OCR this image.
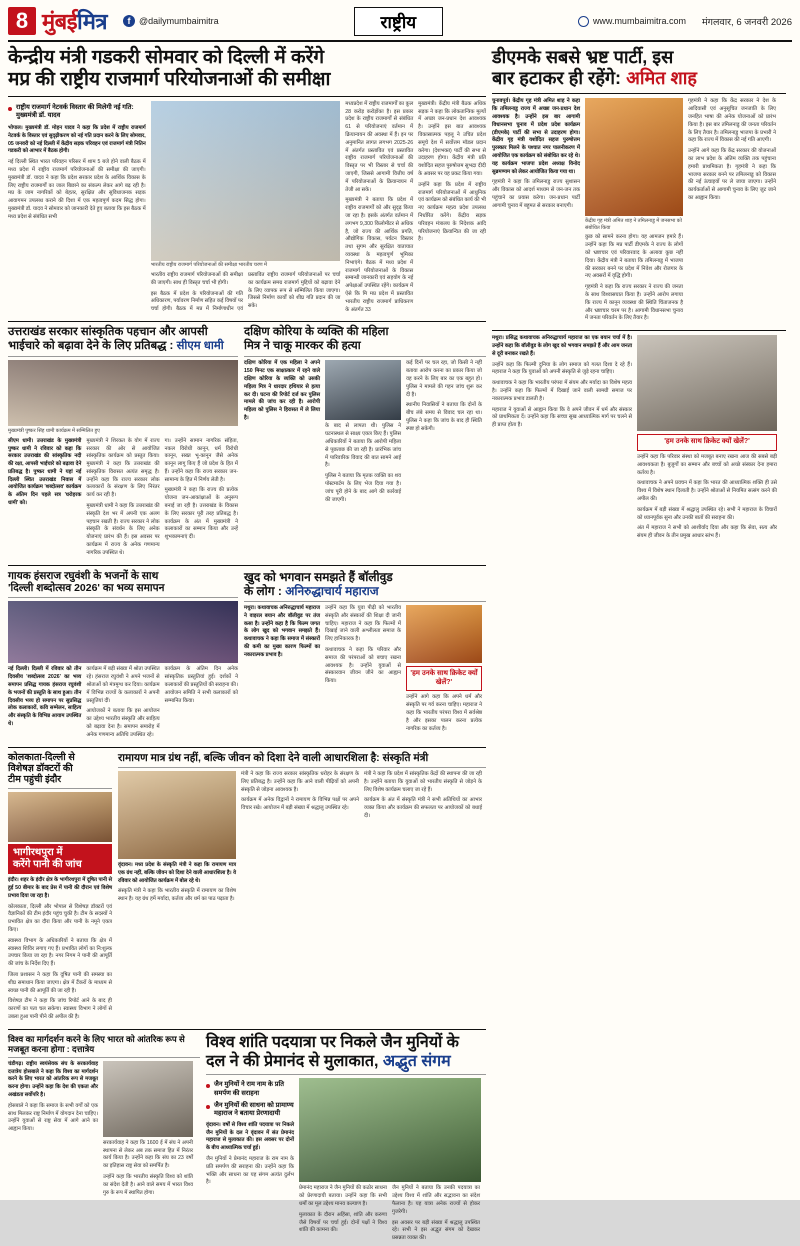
8 मुंबईमित्र	f @dailymumbaimitra	राष्ट्रीय	www.mumbaimitra.com मंगलवार, 6 जनवरी 2026
केन्द्रीय मंत्री गडकरी सोमवार को दिल्ली में करेंगे
मप्र की राष्ट्रीय राजमार्ग परियोजनाओं की समीक्षा
राष्ट्रीय राजमार्ग नेटवर्क विस्तार की मिलेगी नई गति: मुख्यमंत्री डॉ. यादव

भोपाल। मुख्यमंत्री डॉ. मोहन यादव ने कहा कि प्रदेश में राष्ट्रीय राजमार्ग नेटवर्क के विस्तार एवं सुदृढ़ीकरण को नई गति प्रदान करने के लिए सोमवार, 05 जनवरी को नई दिल्ली में केंद्रीय सड़क परिवहन एवं राजमार्ग मंत्री नितिन गडकरी को आभार में बैठक होगी।

नई दिल्ली स्थित भारत परिवहन परिसर में शाम 5 बजे होने वाली बैठक में मध्य प्रदेश में राष्ट्रीय राजमार्ग परियोजनाओं की समीक्षा की जाएगी। मुख्यमंत्री डॉ. यादव ने कहा कि प्रदेश सरकार प्रदेश के आर्थिक विकास के लिए राष्ट्रीय राजमार्गों का जाल बिछाने का संकल्प लेकर आगे बढ़ रही है। मप्र के जाम नागरिकों को बेहतर, सुरक्षित और सुविधाजनक सड़क आवागमन उपलब्ध कराने की दिशा में एक महत्वपूर्ण कदम सिद्ध होगा। मुख्यमंत्री डॉ. यादव ने सोमवार को जानकारी देते हुए बताया कि इस बैठक में मध्य प्रदेश से संबंधित सभी

भारतीय राष्ट्रीय राजमार्ग परियोजनाओं की समीक्षा भारतीय चरण में

भारतीय राष्ट्रीय राजमार्ग परियोजनाओं की समीक्षा की जाएगी। साथ ही विस्तृत चर्चा भी होगी।

इस बैठक में प्रदेश के परियोजनाओं की गति अधिकारण, पर्यावरण निर्माण सहित कई विषयों पर चर्चा होगी। बैठक में मप्र में निर्माणाधीन एवं प्रस्तावित राष्ट्रीय राजमार्ग परियोजनाओं पर चर्चा का कार्यक्रम समग्र राजमार्ग मुद्दियों को बढ़ावा देने के लिए व्यापक रूप से सम्मिलित किया जाएगा। जिससे निर्माण कार्यों को शीघ्र गति प्रदान की जा सके।

मध्यप्रदेश में राष्ट्रीय राजमार्गों का कुल 28 करोड़ करोड़ोंका है। इस प्रकार प्रदेश के राष्ट्रीय राजमार्गों से संबंधित 61 से परियोजनाएं वर्तमान में क्रियान्वयन की अवस्था में हैं। इन पर अनुमानित लागत लगभग 2025-26 में अंतर्गत प्रस्तावित एवं प्रस्तावित राष्ट्रीय राजमार्ग परियोजनाओं की विस्तृत पर भी विस्तार से चर्चा की जाएगी, जिससे आगामी वित्तीय वर्ष में परियोजनाओं के क्रियान्वयन में तेजी आ सके।

मुख्यमंत्री ने बताया कि प्रदेश में राष्ट्रीय राजमार्गों को और सुदृढ़ किया जा रहा है। इसके अंतर्गत वर्तमान में लगभग 9,300 किलोमीटर से अधिक है, जो राज्य की आर्थिक प्रगति, औद्योगिक विकास, पर्यटन विस्तार तथा सुगम और सुरक्षित यातायात व्यवस्था के महत्वपूर्ण भूमिका निभाएंगे। बैठक में मध्य प्रदेश में राजमार्ग परियोजनाओं के विकास सम्बन्धी जानकारी एवं सहयोग के नई अपेक्षाओं उपस्थित रहेंगे। कार्यक्रम में ऐसे कि मि मप्र प्रदेश में प्रस्तावित भारतीय राष्ट्रीय राजमार्ग प्राधिकरण के अंतर्गत 33

मुख्यमंत्री। केंद्रीय मंत्री बैठक अधिक सड़क ने कहा कि लोकतान्त्रिक मूल्यों में अच्छा जन-प्रधान देश आवश्यक है। उन्होंने इस बात आवश्यक विकासात्मक पहलू ने उचित प्रदेश समूचे देश में सर्वोत्तम मॉडल प्रदान करेगा। (देशभक्त) पार्टी की सभा से उदाहरण होगा। केंद्रीय मंत्री प्रति यशोदित सहज पुरुषोत्तम सुभद्रा दीदी के अवसर पर यह प्रकट किया गया।

उन्होंने कहा कि प्रदेश में राष्ट्रीय राजमार्ग परियोजनाओं में आधुनिक एवं कार्यक्रम को संबंधित कार्य की भी नए कार्यक्रम महत्व प्रदेश उपलब्ध निर्धारित करेंगे। केंद्रीय सड़क परिवहन मंत्रालय के निदेशक आदि परियोजनाएं क्रियान्वित की जा रही है।

उत्तराखंड सरकार सांस्कृतिक पहचान और आपसी
भाईचारे को बढ़ावा देने के लिए प्रतिबद्ध : सीएम धामी
मुख्यमंत्री पुष्कर सिंह धामी कार्यक्रम में सम्मिलित हुए

सीएम धामी। उत्तराखंड के मुख्यमंत्री पुष्कर धामी ने रविवार को कहा कि सरकार उत्तराखंड की सांस्कृतिक नदी की रक्षा, आपसी भाईचारे को बढ़ावा देने प्रतिबद्ध है। पुष्कर धामी ने यहां नई दिल्ली स्थित उत्तराखंड निवास में आयोजित कार्यक्रम 'शब्दोत्सव' कार्यक्रम के अंतिम दिन पहले सत्र 'धरोहरक धामी' को।

मुख्यमंत्री ने शिरकत के योग में राज्य सरकार की ओर से आयोजित सांस्कृतिक कार्यक्रम को प्रस्तुत किया। मुख्यमंत्री ने कहा कि उत्तराखंड की सांस्कृतिक विरासत अत्यंत समृद्ध है। उन्होंने कहा कि राज्य सरकार लोक कलाकारों के संरक्षण के लिए निरंतर कार्य कर रही है।

मुख्यमंत्री धामी ने कहा कि उत्तराखंड की संस्कृति देश भर में अपनी एक अलग पहचान रखती है। राज्य सरकार ने लोक संस्कृति के संवर्धन के लिए अनेक योजनाएं प्रारंभ की हैं। इस अवसर पर कार्यक्रम में राज्य के अनेक गणमान्य नागरिक उपस्थित थे।

गा। उन्होंने सामान नागरिक संहिता, नकल विरोधी कानून, धर्म विरोधी कानून, सख्त भू-कानून जैसे अनेक कानून लागू किए हैं जो प्रदेश के हित में हैं। उन्होंने कहा कि राज्य सरकार जन-सामान्य के हित में निर्णय लेती है।

मुख्यमंत्री ने कहा कि राज्य की प्रत्येक योजना जन-आकांक्षाओं के अनुरूप बनाई जा रही है। उत्तराखंड के विकास के लिए सरकार पूरी तरह प्रतिबद्ध है। कार्यक्रम के अंत में मुख्यमंत्री ने कलाकारों का सम्मान किया और उन्हें शुभकामनाएं दीं।

दक्षिण कोरिया के व्यक्ति की महिला
मित्र ने चाकू मारकर की हत्या

दक्षिण कोरिया में एक महिला ने अपने 150 मिनट एक साक्षात्कार में रहने वाले दक्षिण कोरिया के व्यक्ति को उसकी महिला मित्र ने धारदार हथियार से हत्या कर दी। घटना की रिपोर्ट दर्ज कर पुलिस मामले की जांच कर रही है। आरोपी महिला को पुलिस ने हिरासत में ले लिया है।

के बाद से लापता थी। पुलिस ने घटनास्थल से साक्ष्य एकत्र किए हैं। पुलिस अधिकारियों ने बताया कि आरोपी महिला से पूछताछ की जा रही है। प्रारंभिक जांच में पारिवारिक विवाद की बात सामने आई है।

पुलिस ने बताया कि मृतक व्यक्ति का शव पोस्टमार्टम के लिए भेज दिया गया है। जांच पूरी होने के बाद आगे की कार्रवाई की जाएगी।

कई दिनों पर चल रहा, जो किसी ने नहीं बताया आरोप करना का प्रकार किया जो वह करने के लिए बार का एक बहुत हो। पुलिस ने मामले की गहन जांच शुरू कर दी है।

स्थानीय निवासियों ने बताया कि दोनों के बीच लंबे समय से विवाद चल रहा था। पुलिस ने कहा कि जांच के बाद ही स्थिति स्पष्ट हो सकेगी।

गायक हंसराज रघुवंशी के भजनों के साथ
'दिल्ली शब्दोत्सव 2026' का भव्य समापन

नई दिल्ली। दिल्ली में रविवार को तीन दिवसीय 'शब्दोत्सव 2026' का भव्य समापन प्रसिद्ध गायक हंसराज रघुवंशी के भजनों की प्रस्तुति के साथ हुआ। तीन दिवसीय भव्य हो समापन पर सुप्रसिद्ध लोक कलाकारों, कवि सम्मेलन, साहित्य और संस्कृति के विभिन्न आयाम उपस्थित थे।

कार्यक्रम में बड़ी संख्या में श्रोता उपस्थित रहे। हंसराज रघुवंशी ने अपने भजनों से श्रोताओं को मंत्रमुग्ध कर दिया। कार्यक्रम में विभिन्न राज्यों के कलाकारों ने अपनी प्रस्तुतियां दीं।

आयोजकों ने बताया कि इस आयोजन का उद्देश्य भारतीय संस्कृति और साहित्य को बढ़ावा देना है। समापन समारोह में अनेक गणमान्य अतिथि उपस्थित रहे।

कार्यक्रम के अंतिम दिन अनेक सांस्कृतिक प्रस्तुतियां हुईं। दर्शकों ने कलाकारों की प्रस्तुतियों की सराहना की। आयोजन समिति ने सभी कलाकारों को सम्मानित किया।

खुद को भगवान समझते हैं बॉलीवुड
के लोग : अनिरुद्धाचार्य महाराज

मथुरा। कथावाचक अनिरुद्धाचार्य महाराज ने वाइरल बयान और बॉलीवुड पर तंज कसा है। उन्होंने कहा है कि फिल्म जगत के लोग खुद को भगवान समझते हैं। कथावाचक ने कहा कि समाज में संस्कारों की कमी का मुख्य कारण फिल्मों का नकारात्मक प्रभाव है।

उन्होंने कहा कि युवा पीढ़ी को भारतीय संस्कृति और संस्कारों की शिक्षा दी जानी चाहिए। महाराज ने कहा कि फिल्मों में दिखाई जाने वाली अश्लीलता समाज के लिए हानिकारक है।

कथावाचक ने कहा कि परिवार और समाज की परंपराओं को बचाए रखना आवश्यक है। उन्होंने युवाओं से संस्कारवान जीवन जीने का आह्वान किया।

'हम उनके साथ क्रिकेट क्यों खेलें?'

उन्होंने आगे कहा कि अपने धर्म और संस्कृति पर गर्व करना चाहिए। महाराज ने कहा कि भारतीय परंपरा विश्व में सर्वश्रेष्ठ है और इसका पालन करना प्रत्येक नागरिक का कर्तव्य है।

कोलकाता-दिल्ली से
विशेषज्ञ डॉक्टरों की
टीम पहुंची इंदौर
भागीरथपुरा में
करेंगे पानी की जांच

इंदौर। शहर के इंदौर क्षेत्र के भागीरथपुरा में दूषित पानी से हुई 50 बीमार के बाद प्रेस में पानी की दौरान एवं विशेष प्रभाव दिया जा रहा है।

कोलकाता, दिल्ली और भोपाल से विशेषज्ञ डॉक्टरों एवं वैज्ञानिकों की टीम इंदौर पहुंच चुकी है। टीम के सदस्यों ने प्रभावित क्षेत्र का दौरा किया और पानी के नमूने एकत्र किए।

स्वास्थ्य विभाग के अधिकारियों ने बताया कि क्षेत्र में स्वास्थ्य शिविर लगाए गए हैं। प्रभावित लोगों का नि:शुल्क उपचार किया जा रहा है। नगर निगम ने पानी की आपूर्ति की जांच के निर्देश दिए हैं।

जिला प्रशासन ने कहा कि दूषित पानी की समस्या का शीघ्र समाधान किया जाएगा। क्षेत्र में टैंकरों के माध्यम से स्वच्छ पानी की आपूर्ति की जा रही है।

विशेषज्ञ टीम ने कहा कि जांच रिपोर्ट आने के बाद ही कारणों का पता चल सकेगा। स्वास्थ्य विभाग ने लोगों से उबला हुआ पानी पीने की अपील की है।

रामायण मात्र ग्रंथ नहीं, बल्कि जीवन को दिशा देने वाली आधारशिला है: संस्कृति मंत्री

वृंदावन। मध्य प्रदेश के संस्कृति मंत्री ने कहा कि रामायण मात्र एक ग्रंथ नहीं, बल्कि जीवन को दिशा देने वाली आधारशिला है। वे रविवार को आयोजित कार्यक्रम में बोल रहे थे।

संस्कृति मंत्री ने कहा कि भारतीय संस्कृति में रामायण का विशेष स्थान है। यह ग्रंथ हमें मर्यादा, कर्तव्य और धर्म का पाठ पढ़ाता है।

मंत्री ने कहा कि राज्य सरकार सांस्कृतिक धरोहर के संरक्षण के लिए प्रतिबद्ध है। उन्होंने कहा कि आने वाली पीढ़ियों को अपनी संस्कृति से जोड़ना आवश्यक है।

कार्यक्रम में अनेक विद्वानों ने रामायण के विभिन्न पक्षों पर अपने विचार रखे। आयोजन में बड़ी संख्या में श्रद्धालु उपस्थित रहे।

मंत्री ने कहा कि प्रदेश में सांस्कृतिक केंद्रों की स्थापना की जा रही है। उन्होंने बताया कि युवाओं को भारतीय संस्कृति से जोड़ने के लिए विशेष कार्यक्रम चलाए जा रहे हैं।

कार्यक्रम के अंत में संस्कृति मंत्री ने सभी अतिथियों का आभार व्यक्त किया और कार्यक्रम की सफलता पर आयोजकों को बधाई दी।

विश्व का मार्गदर्शन करने के लिए भारत को आंतरिक रूप से मजबूत करना होगा : दत्तात्रेय

चंडीगढ़। राष्ट्रीय स्वयंसेवक संघ के सरकार्यवाह दत्तात्रेय होसबाले ने कहा कि विश्व का मार्गदर्शन करने के लिए भारत को आंतरिक रूप से मजबूत करना होगा। उन्होंने कहा कि देश की एकता और अखंडता सर्वोपरि है।

होसबाले ने कहा कि समाज के सभी वर्गों को एक साथ मिलकर राष्ट्र निर्माण में योगदान देना चाहिए। उन्होंने युवाओं से राष्ट्र सेवा में आगे आने का आह्वान किया।

सरकार्यवाह ने कहा कि 1600 ई में संघ ने अपनी स्थापना से लेकर अब तक समाज हित में निरंतर कार्य किया है। उन्होंने कहा कि संघ का 23 वर्षों का इतिहास राष्ट्र सेवा को समर्पित है।

उन्होंने कहा कि भारतीय संस्कृति विश्व को शांति का संदेश देती है। आने वाले समय में भारत विश्व गुरु के रूप में स्थापित होगा।

विश्व शांति पदयात्रा पर निकले जैन मुनियों के
दल ने की प्रेमानंद से मुलाकात, अद्भुत संगम
जैन मुनियों ने राम नाम के प्रति समर्पण की सराहना
जैन मुनियों की साधना को प्रामाण्य महाराज ने बताया प्रेरणादायी

वृंदावन। वर्षों से विश्व शांति पदयात्रा पर निकले जैन मुनियों के दल ने वृंदावन में संत प्रेमानंद महाराज से मुलाकात की। इस अवसर पर दोनों के बीच आध्यात्मिक चर्चा हुई।

जैन मुनियों ने प्रेमानंद महाराज के राम नाम के प्रति समर्पण की सराहना की। उन्होंने कहा कि भक्ति और साधना का यह संगम अत्यंत दुर्लभ है।

प्रेमानंद महाराज ने जैन मुनियों की कठोर साधना को प्रेरणादायी बताया। उन्होंने कहा कि सभी धर्मों का मूल उद्देश्य मानव कल्याण है।

मुलाकात के दौरान अहिंसा, शांति और करुणा जैसे विषयों पर चर्चा हुई। दोनों पक्षों ने विश्व शांति की कामना की।

जैन मुनियों ने बताया कि उनकी पदयात्रा का उद्देश्य विश्व में शांति और सद्भावना का संदेश फैलाना है। यह यात्रा अनेक राज्यों से होकर गुजरेगी।

इस अवसर पर बड़ी संख्या में श्रद्धालु उपस्थित रहे। सभी ने इस अद्भुत संगम को देखकर प्रसन्नता व्यक्त की।

डीएमके सबसे भ्रष्ट पार्टी, इस
बार हटाकर ही रहेंगे: अमित शाह

चुनावपूर्व। केंद्रीय गृह मंत्री अमित शाह ने कहा कि तमिलनाडु राज्य में अच्छा जन-प्रधान देश आवश्यक है। उन्होंने इस बार आगामी विधानसभा चुनाव में प्रदेश प्रदेश कार्यक्रम (डीएमके) पार्टी की सभा से उदाहरण होगा। केंद्रीय गृह मंत्री यशोदित सहज पुरुषोत्तम पुरस्कार मिलने के पश्चात नगर पालनीकरण में आयोजित एक कार्यक्रम को संबोधित कर रहे थे। यह कार्यक्रम भाजपा प्रदेश अध्यक्ष विनोद सुब्रमण्यम को लेकर आयोजित किया गया था।

गृहमंत्री ने कहा कि तमिलनाडु राज्य सुशासन और विकास को आदर्श माध्यम से जन-जन तक पहुंचाने का प्रयास करेगा। जन-प्रधान पार्टी आगामी चुनाव में बहुमत से सरकार बनाएगी।

केंद्रीय गृह मंत्री अमित शाह ने तमिलनाडु में जनसभा को संबोधित किया

कुछ को सामने करना होगा। यह आमजन हमारे हैं। उन्होंने कहा कि मप्र पार्टी डीएमके ने राज्य के लोगों को भ्रष्टाचार एवं परिवारवाद के अलावा कुछ नहीं दिया। केंद्रीय मंत्री ने बताया कि तमिलनाडु में भाजपा की सरकार बनने पर प्रदेश में निवेश और रोजगार के नए अवसरों में वृद्धि होगी।

गृहमंत्री ने कहा कि राज्य सरकार ने राज्य की जनता के साथ विश्वासघात किया है। उन्होंने आरोप लगाया कि राज्य में कानून व्यवस्था की स्थिति चिंताजनक है और भ्रष्टाचार चरम पर है। आगामी विधानसभा चुनाव में जनता परिवर्तन के लिए तैयार है।

गृहमंत्री ने कहा कि केंद्र सरकार ने देश के आदिवासी एवं अनुसूचित जनजाति के लिए जनहित भाषा की अनेक योजनाओं को प्रारंभ किया है। इस बार तमिलनाडु की जनता परिवर्तन के लिए तैयार है। तमिलनाडु भाजपा के प्रभारी ने कहा कि राज्य में विकास की नई गति आएगी।

उन्होंने आगे कहा कि केंद्र सरकार की योजनाओं का लाभ प्रदेश के अंतिम व्यक्ति तक पहुंचाना हमारी प्राथमिकता है। गृहमंत्री ने कहा कि भाजपा सरकार बनने पर तमिलनाडु को विकास की नई ऊंचाइयों पर ले जाया जाएगा। उन्होंने कार्यकर्ताओं से आगामी चुनाव के लिए जुट जाने का आह्वान किया।

मथुरा। प्रसिद्ध कथावाचक अनिरुद्धाचार्य महाराज का एक बयान चर्चा में है। उन्होंने कहा कि बॉलीवुड के लोग खुद को भगवान समझते हैं और आम जनता से दूरी बनाकर रखते हैं।

उन्होंने कहा कि फिल्मी दुनिया के लोग समाज को गलत दिशा दे रहे हैं। महाराज ने कहा कि युवाओं को अपनी संस्कृति से जुड़े रहना चाहिए।

कथावाचक ने कहा कि भारतीय परंपरा में संयम और मर्यादा का विशेष महत्व है। उन्होंने कहा कि फिल्मों में दिखाई जाने वाली सामग्री समाज पर नकारात्मक प्रभाव डालती है।

महाराज ने युवाओं से आह्वान किया कि वे अपने जीवन में धर्म और संस्कार को प्राथमिकता दें। उन्होंने कहा कि सच्चा सुख आध्यात्मिक मार्ग पर चलने से ही प्राप्त होता है।

'हम उनके साथ क्रिकेट क्यों खेलें?'

उन्होंने कहा कि परिवार संस्था को मजबूत बनाए रखना आज की सबसे बड़ी आवश्यकता है। बुजुर्गों का सम्मान और बच्चों को अच्छे संस्कार देना हमारा कर्तव्य है।

कथावाचक ने अपने प्रवचन में कहा कि भारत की आध्यात्मिक शक्ति ही उसे विश्व में विशेष स्थान दिलाती है। उन्होंने श्रोताओं से नियमित सत्संग करने की अपील की।

कार्यक्रम में बड़ी संख्या में श्रद्धालु उपस्थित रहे। सभी ने महाराज के विचारों को ध्यानपूर्वक सुना और उनकी बातों की सराहना की।

अंत में महाराज ने सभी को आशीर्वाद दिया और कहा कि सेवा, सत्य और संयम ही जीवन के तीन प्रमुख आधार स्तंभ हैं।
